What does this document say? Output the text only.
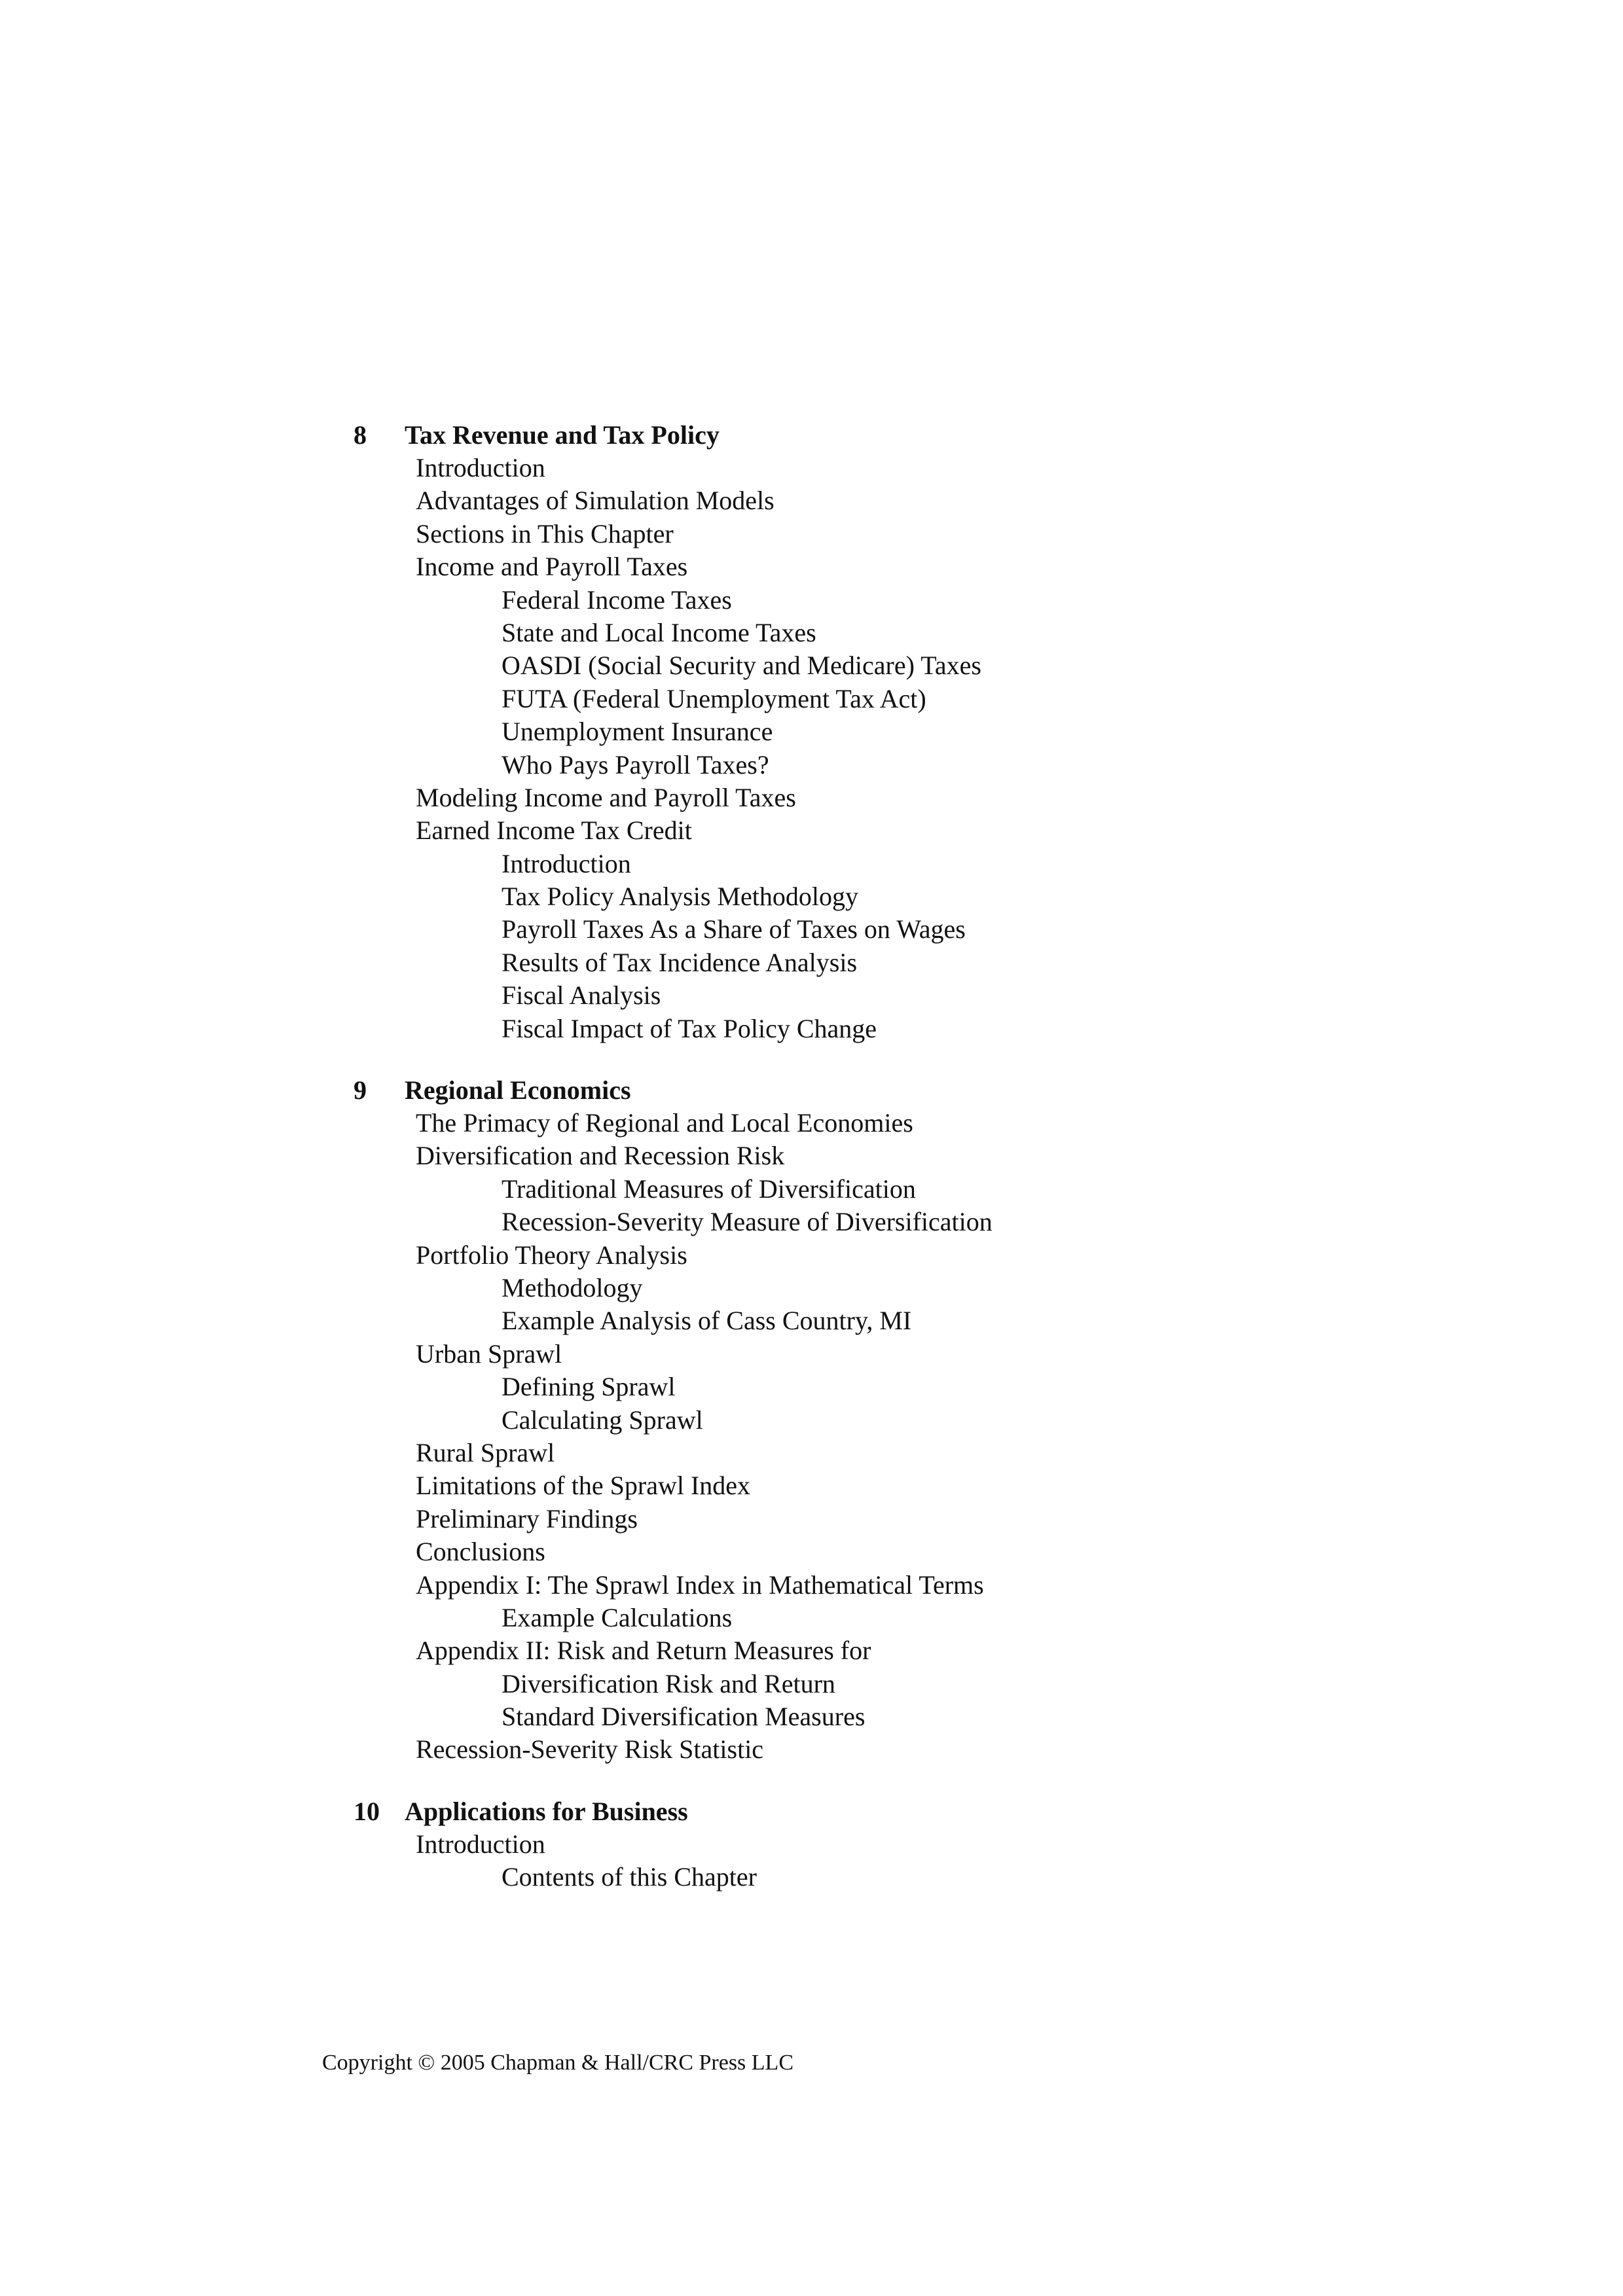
8 Tax Revenue and Tax Policy
Introduction
Advantages of Simulation Models
Sections in This Chapter
Income and Payroll Taxes
Federal Income Taxes
State and Local Income Taxes
OASDI (Social Security and Medicare) Taxes
FUTA (Federal Unemployment Tax Act)
Unemployment Insurance
Who Pays Payroll Taxes?
Modeling Income and Payroll Taxes
Earned Income Tax Credit
Introduction
Tax Policy Analysis Methodology
Payroll Taxes As a Share of Taxes on Wages
Results of Tax Incidence Analysis
Fiscal Analysis
Fiscal Impact of Tax Policy Change
9 Regional Economics
The Primacy of Regional and Local Economies
Diversification and Recession Risk
Traditional Measures of Diversification
Recession-Severity Measure of Diversification
Portfolio Theory Analysis
Methodology
Example Analysis of Cass Country, MI
Urban Sprawl
Defining Sprawl
Calculating Sprawl
Rural Sprawl
Limitations of the Sprawl Index
Preliminary Findings
Conclusions
Appendix I: The Sprawl Index in Mathematical Terms
Example Calculations
Appendix II: Risk and Return Measures for
Diversification Risk and Return
Standard Diversification Measures
Recession-Severity Risk Statistic
10 Applications for Business
Introduction
Contents of this Chapter
Copyright © 2005 Chapman & Hall/CRC Press LLC
